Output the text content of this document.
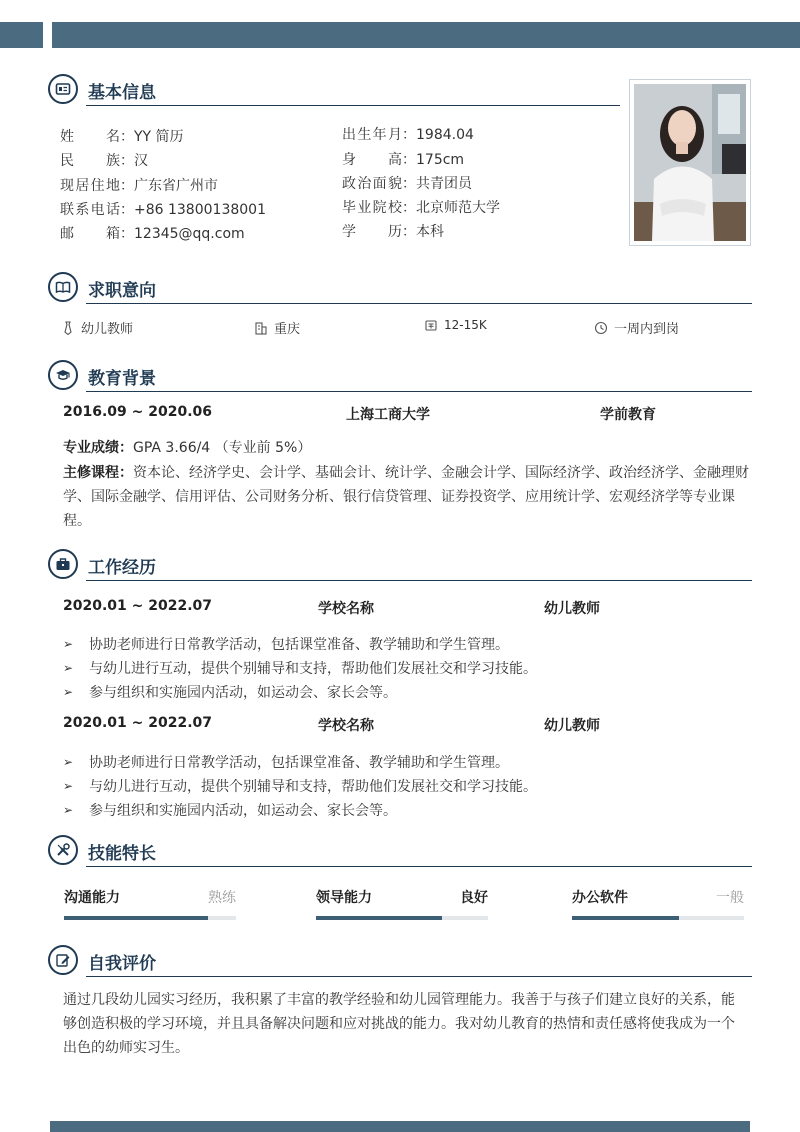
基本信息
姓名：YY 简历
民族：汉
现居住地：广东省广州市
联系电话：+86 13800138001
邮箱：12345@qq.com
出生年月：1984.04
身高：175cm
政治面貌：共青团员
毕业院校：北京师范大学
学历：本科
求职意向
幼儿教师	重庆	12-15K	一周内到岗
教育背景
2016.09 ~ 2020.06	上海工商大学	学前教育
专业成绩：GPA 3.66/4 （专业前 5%）
主修课程：资本论、经济学史、会计学、基础会计、统计学、金融会计学、国际经济学、政治经济学、金融理财学、国际金融学、信用评估、公司财务分析、银行信贷管理、证券投资学、应用统计学、宏观经济学等专业课程。
工作经历
2020.01 ~ 2022.07	学校名称	幼儿教师
➢ 协助老师进行日常教学活动，包括课堂准备、教学辅助和学生管理。
➢ 与幼儿进行互动，提供个别辅导和支持，帮助他们发展社交和学习技能。
➢ 参与组织和实施园内活动，如运动会、家长会等。
2020.01 ~ 2022.07	学校名称	幼儿教师
➢ 协助老师进行日常教学活动，包括课堂准备、教学辅助和学生管理。
➢ 与幼儿进行互动，提供个别辅导和支持，帮助他们发展社交和学习技能。
➢ 参与组织和实施园内活动，如运动会、家长会等。
技能特长
沟通能力	熟练	领导能力	良好	办公软件	一般
自我评价
通过几段幼儿园实习经历，我积累了丰富的教学经验和幼儿园管理能力。我善于与孩子们建立良好的关系，能够创造积极的学习环境，并且具备解决问题和应对挑战的能力。我对幼儿教育的热情和责任感将使我成为一个出色的幼师实习生。
